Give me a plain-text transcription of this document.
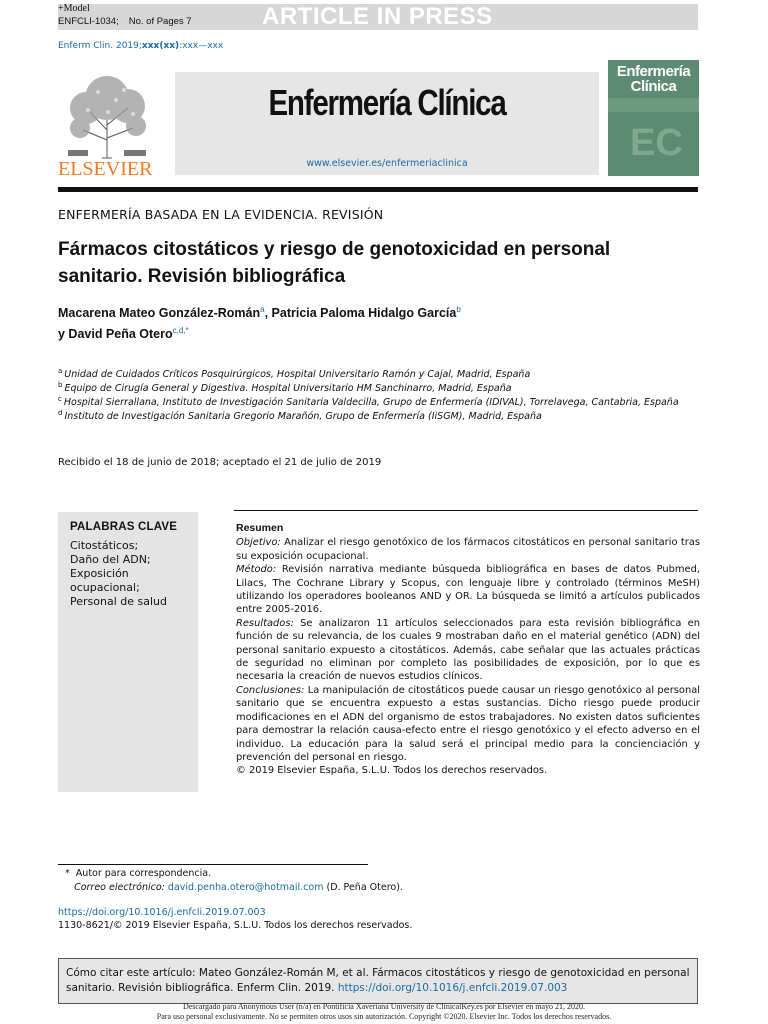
+Model
ENFCLI-1034; No. of Pages 7	ARTICLE IN PRESS
Enferm Clin. 2019;xxx(xx):xxx—xxx
ELSEVIER
Enfermería Clínica
www.elsevier.es/enfermeriaclinica
Enfermería
Clínica
EC
ENFERMERÍA BASADA EN LA EVIDENCIA. REVISIÓN
Fármacos citostáticos y riesgo de genotoxicidad en personal sanitario. Revisión bibliográfica
Macarena Mateo González-Román$^a$, Patricia Paloma Hidalgo García$^b$
y David Peña Otero$^{c,d,*}$
$^a$ Unidad de Cuidados Críticos Posquirúrgicos, Hospital Universitario Ramón y Cajal, Madrid, España
$^b$ Equipo de Cirugía General y Digestiva. Hospital Universitario HM Sanchinarro, Madrid, España
$^c$ Hospital Sierrallana, Instituto de Investigación Sanitaria Valdecilla, Grupo de Enfermería (IDIVAL), Torrelavega, Cantabria, España
$^d$ Instituto de Investigación Sanitaria Gregorio Marañón, Grupo de Enfermería (IiSGM), Madrid, España
Recibido el 18 de junio de 2018; aceptado el 21 de julio de 2019
PALABRAS CLAVE
Citostáticos;
Daño del ADN;
Exposición ocupacional;
Personal de salud
Resumen

Objetivo: Analizar el riesgo genotóxico de los fármacos citostáticos en personal sanitario tras su exposición ocupacional.

Método: Revisión narrativa mediante búsqueda bibliográfica en bases de datos Pubmed, Lilacs, The Cochrane Library y Scopus, con lenguaje libre y controlado (términos MeSH) utilizando los operadores booleanos AND y OR. La búsqueda se limitó a artículos publicados entre 2005-2016.

Resultados: Se analizaron 11 artículos seleccionados para esta revisión bibliográfica en función de su relevancia, de los cuales 9 mostraban daño en el material genético (ADN) del personal sanitario expuesto a citostáticos. Además, cabe señalar que las actuales prácticas de seguridad no eliminan por completo las posibilidades de exposición, por lo que es necesaria la creación de nuevos estudios clínicos.

Conclusiones: La manipulación de citostáticos puede causar un riesgo genotóxico al personal sanitario que se encuentra expuesto a estas sustancias. Dicho riesgo puede producir modificaciones en el ADN del organismo de estos trabajadores. No existen datos suficientes para demostrar la relación causa-efecto entre el riesgo genotóxico y el efecto adverso en el individuo. La educación para la salud será el principal medio para la concienciación y prevención del personal en riesgo.

© 2019 Elsevier España, S.L.U. Todos los derechos reservados.

* Autor para correspondencia.
Correo electrónico: david.penha.otero@hotmail.com (D. Peña Otero).
https://doi.org/10.1016/j.enfcli.2019.07.003
1130-8621/© 2019 Elsevier España, S.L.U. Todos los derechos reservados.
Cómo citar este artículo: Mateo González-Román M, et al. Fármacos citostáticos y riesgo de genotoxicidad en personal sanitario. Revisión bibliográfica. Enferm Clin. 2019. https://doi.org/10.1016/j.enfcli.2019.07.003
Descargado para Anonymous User (n/a) en Pontificia Xaveriana University de ClinicalKey.es por Elsevier en mayo 21, 2020.
Para uso personal exclusivamente. No se permiten otros usos sin autorización. Copyright ©2020. Elsevier Inc. Todos los derechos reservados.
